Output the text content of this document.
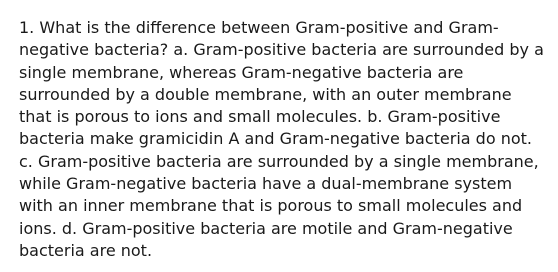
1. What is the difference between Gram-positive and Gram-
negative bacteria? a. Gram-positive bacteria are surrounded by a
single membrane, whereas Gram-negative bacteria are
surrounded by a double membrane, with an outer membrane
that is porous to ions and small molecules. b. Gram-positive
bacteria make gramicidin A and Gram-negative bacteria do not.
c. Gram-positive bacteria are surrounded by a single membrane,
while Gram-negative bacteria have a dual-membrane system
with an inner membrane that is porous to small molecules and
ions. d. Gram-positive bacteria are motile and Gram-negative
bacteria are not.
